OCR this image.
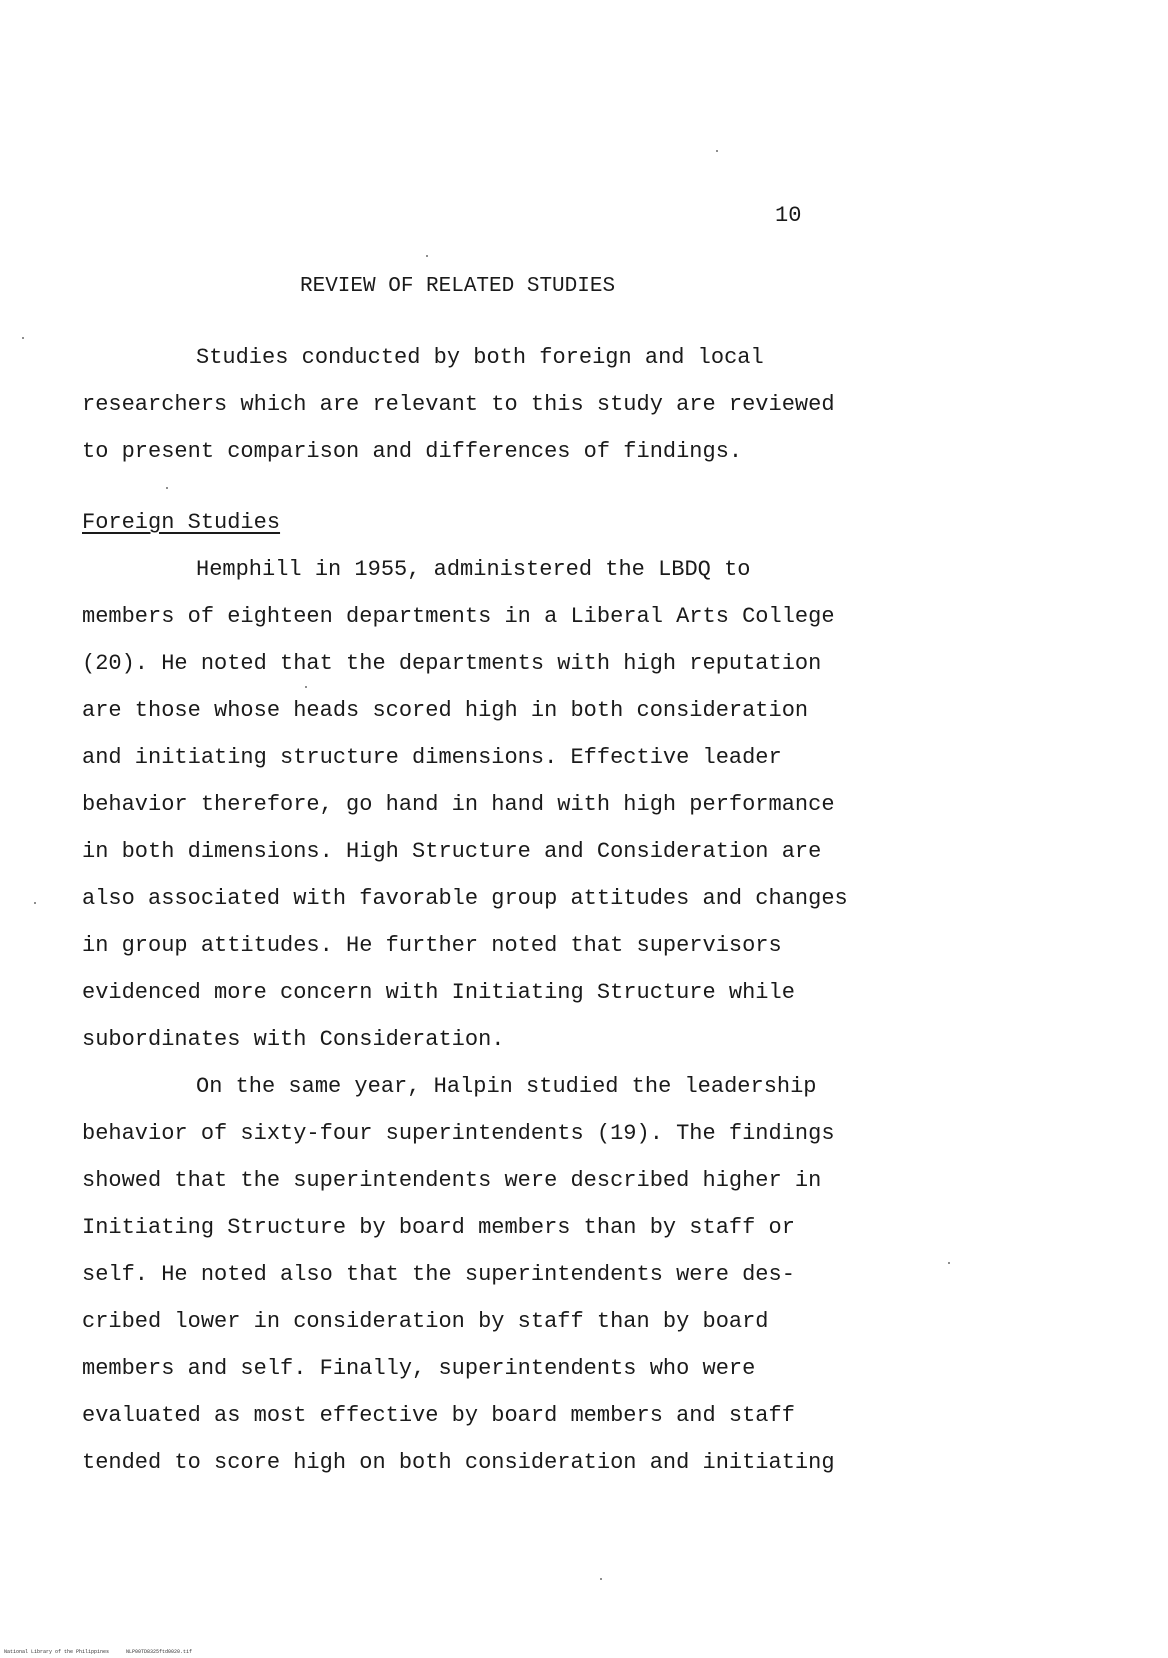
10
REVIEW OF RELATED STUDIES
Studies conducted by both foreign and local
researchers which are relevant to this study are reviewed
to present comparison and differences of findings.
Foreign Studies
Hemphill in 1955, administered the LBDQ to
members of eighteen departments in a Liberal Arts College
(20). He noted that the departments with high reputation
are those whose heads scored high in both consideration
and initiating structure dimensions. Effective leader
behavior therefore, go hand in hand with high performance
in both dimensions. High Structure and Consideration are
also associated with favorable group attitudes and changes
in group attitudes. He further noted that supervisors
evidenced more concern with Initiating Structure while
subordinates with Consideration.
On the same year, Halpin studied the leadership
behavior of sixty-four superintendents (19). The findings
showed that the superintendents were described higher in
Initiating Structure by board members than by staff or
self. He noted also that the superintendents were des-
cribed lower in consideration by staff than by board
members and self. Finally, superintendents who were
evaluated as most effective by board members and staff
tended to score high on both consideration and initiating
National Library of the Philippines	NLP00TD8325ftd0020.tif
